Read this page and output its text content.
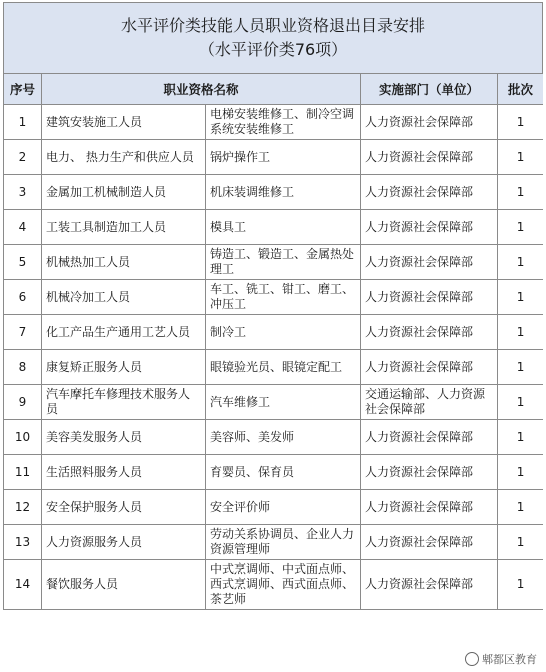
水平评价类技能人员职业资格退出目录安排
（水平评价类76项）
序号	职业资格名称		实施部门（单位）	批次
1	建筑安装施工人员	电梯安装维修工、制冷空调系统安装维修工	人力资源社会保障部	1
2	电力、 热力生产和供应人员	锅炉操作工	人力资源社会保障部	1
3	金属加工机械制造人员	机床装调维修工	人力资源社会保障部	1
4	工装工具制造加工人员	模具工	人力资源社会保障部	1
5	机械热加工人员	铸造工、锻造工、金属热处理工	人力资源社会保障部	1
6	机械冷加工人员	车工、铣工、钳工、磨工、冲压工	人力资源社会保障部	1
7	化工产品生产通用工艺人员	制冷工	人力资源社会保障部	1
8	康复矫正服务人员	眼镜验光员、眼镜定配工	人力资源社会保障部	1
9	汽车摩托车修理技术服务人员	汽车维修工	交通运输部、人力资源社会保障部	1
10	美容美发服务人员	美容师、美发师	人力资源社会保障部	1
11	生活照料服务人员	育婴员、保育员	人力资源社会保障部	1
12	安全保护服务人员	安全评价师	人力资源社会保障部	1
13	人力资源服务人员	劳动关系协调员、企业人力资源管理师	人力资源社会保障部	1
14	餐饮服务人员	中式烹调师、中式面点师、西式烹调师、西式面点师、茶艺师	人力资源社会保障部	1
郫都区教育
